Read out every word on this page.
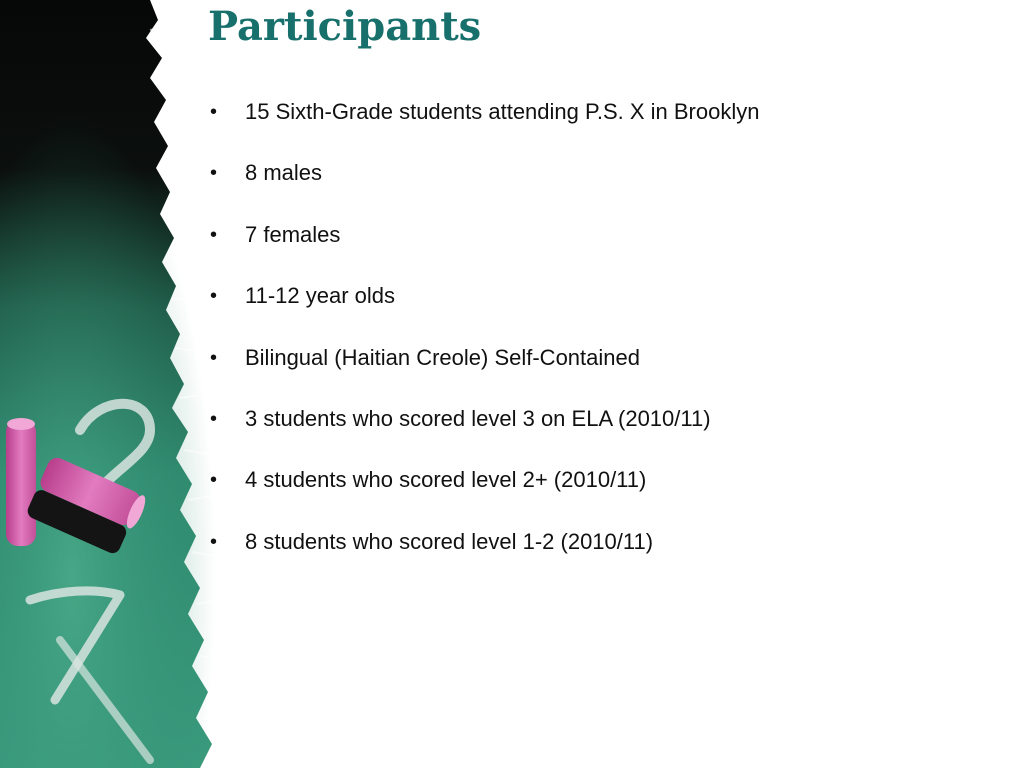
Participants
• 15 Sixth-Grade students attending P.S. X in Brooklyn
• 8 males
• 7 females
• 11-12 year olds
• Bilingual (Haitian Creole) Self-Contained
• 3 students who scored level 3 on ELA (2010/11)
• 4 students who scored level 2+ (2010/11)
• 8 students who scored level 1-2 (2010/11)
